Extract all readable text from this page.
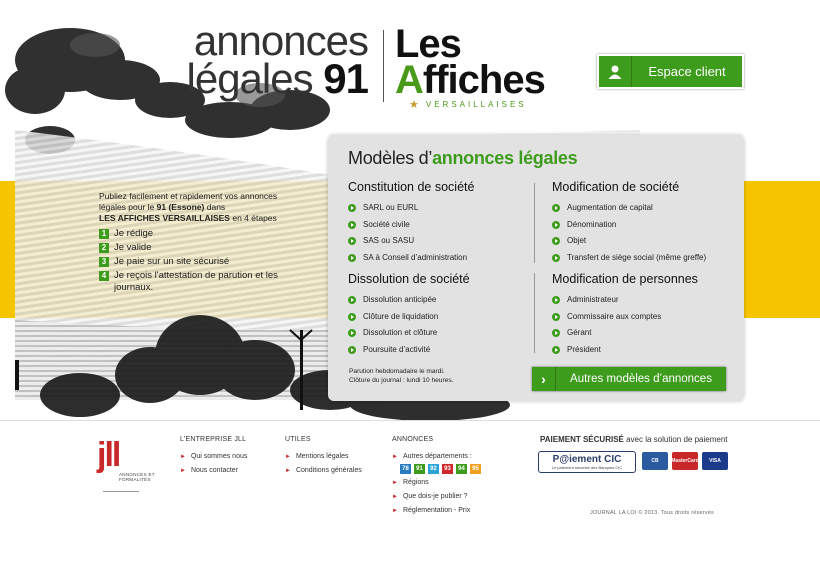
annonces
légales 91
Les
Affiches
★ VERSAILLAISES
Espace client
Publiez facilement et rapidement vos annonces légales pour le 91 (Essone) dans
LES AFFICHES VERSAILLAISES en 4 étapes
1 Je rédige
2 Je valide
3 Je paie sur un site sécurisé
4 Je reçois l'attestation de parution et les journaux.
Modèles d’annonces légales
Constitution de société
SARL ou EURL
Société civile
SAS ou SASU
SA à Conseil d’administration
Modification de société
Augmentation de capital
Dénomination
Objet
Transfert de siège social (même greffe)
Dissolution de société
Dissolution anticipée
Clôture de liquidation
Dissolution et clôture
Poursuite d’activité
Modification de personnes
Administrateur
Commissaire aux comptes
Gérant
Président
Parution hebdomadaire le mardi.
Clôture du journal : lundi 10 heures.	›	Autres modèles d’annonces
jll
ANNONCES ET FORMALITÉS
L’ENTREPRISE JLL
► Qui sommes nous
► Nous contacter
UTILES
► Mentions légales
► Conditions générales
ANNONCES
► Autres départements :
78	91	92	93	94	95
► Régions
► Que dois-je publier ?
► Réglementation - Prix
PAIEMENT SÉCURISÉ avec la solution de paiement
P@iement CIC
Le paiement sécurisé des Banques CIC
CB	MasterCard	VISA
JOURNAL LA LOI © 2013. Tous droits réservés
